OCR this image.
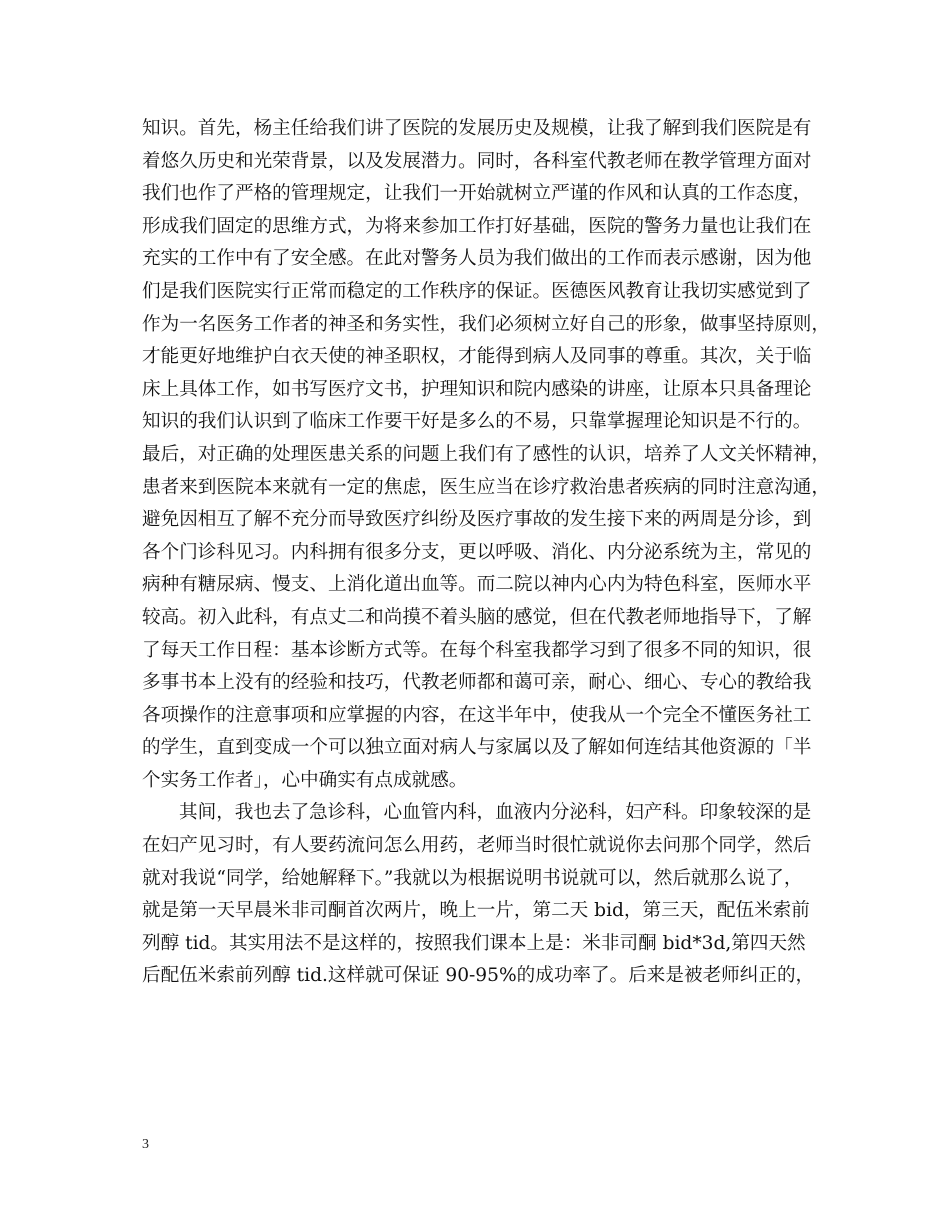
知识。首先，杨主任给我们讲了医院的发展历史及规模，让我了解到我们医院是有
着悠久历史和光荣背景，以及发展潜力。同时，各科室代教老师在教学管理方面对
我们也作了严格的管理规定，让我们一开始就树立严谨的作风和认真的工作态度，
形成我们固定的思维方式，为将来参加工作打好基础，医院的警务力量也让我们在
充实的工作中有了安全感。在此对警务人员为我们做出的工作而表示感谢，因为他
们是我们医院实行正常而稳定的工作秩序的保证。医德医风教育让我切实感觉到了
作为一名医务工作者的神圣和务实性，我们必须树立好自己的形象，做事坚持原则，
才能更好地维护白衣天使的神圣职权，才能得到病人及同事的尊重。其次，关于临
床上具体工作，如书写医疗文书，护理知识和院内感染的讲座，让原本只具备理论
知识的我们认识到了临床工作要干好是多么的不易，只靠掌握理论知识是不行的。
最后，对正确的处理医患关系的问题上我们有了感性的认识，培养了人文关怀精神，
患者来到医院本来就有一定的焦虑，医生应当在诊疗救治患者疾病的同时注意沟通，
避免因相互了解不充分而导致医疗纠纷及医疗事故的发生接下来的两周是分诊，到
各个门诊科见习。内科拥有很多分支，更以呼吸、消化、内分泌系统为主，常见的
病种有糖尿病、慢支、上消化道出血等。而二院以神内心内为特色科室，医师水平
较高。初入此科，有点丈二和尚摸不着头脑的感觉，但在代教老师地指导下，了解
了每天工作日程：基本诊断方式等。在每个科室我都学习到了很多不同的知识，很
多事书本上没有的经验和技巧，代教老师都和蔼可亲，耐心、细心、专心的教给我
各项操作的注意事项和应掌握的内容，在这半年中，使我从一个完全不懂医务社工
的学生，直到变成一个可以独立面对病人与家属以及了解如何连结其他资源的「半
个实务工作者」，心中确实有点成就感。
其间，我也去了急诊科，心血管内科，血液内分泌科，妇产科。印象较深的是
在妇产见习时，有人要药流问怎么用药，老师当时很忙就说你去问那个同学，然后
就对我说“同学，给她解释下。”我就以为根据说明书说就可以，然后就那么说了，
就是第一天早晨米非司酮首次两片，晚上一片，第二天 bid，第三天，配伍米索前
列醇 tid。其实用法不是这样的，按照我们课本上是：米非司酮 bid*3d,第四天然
后配伍米索前列醇 tid.这样就可保证 90-95%的成功率了。后来是被老师纠正的，
3
